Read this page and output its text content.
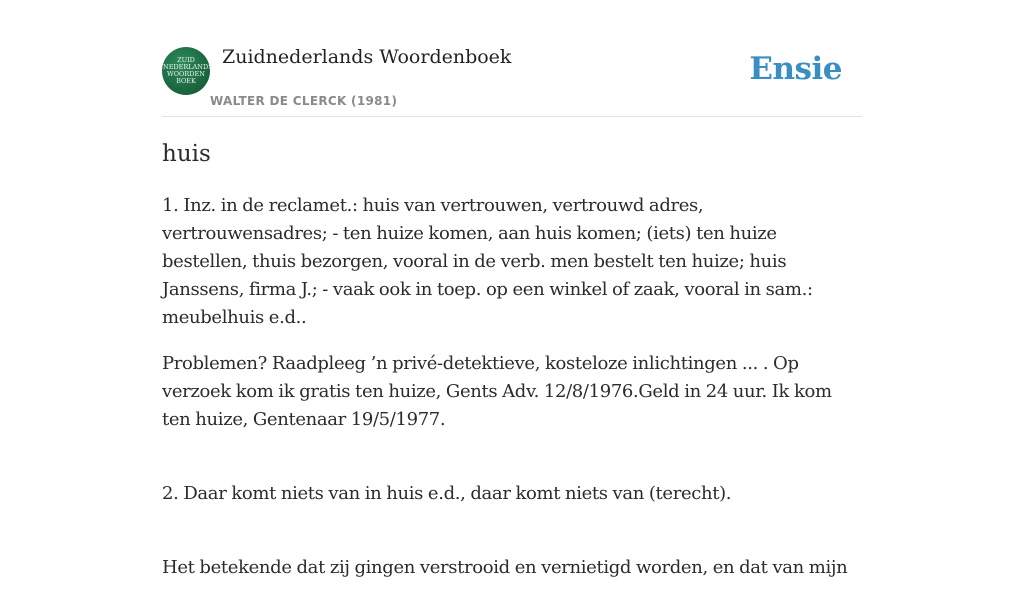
ZUID
NEDERLANDS
WOORDEN
BOEK
Zuidnederlands Woordenboek
WALTER DE CLERCK (1981)
Ensie
huis

1. Inz. in de reclamet.: huis van vertrouwen, vertrouwd adres, vertrouwensadres; - ten huize komen, aan huis komen; (iets) ten huize bestellen, thuis bezorgen, vooral in de verb. men bestelt ten huize; huis Janssens, firma J.; - vaak ook in toep. op een winkel of zaak, vooral in sam.: meubelhuis e.d..

Problemen? Raadpleeg ’n privé-detektieve, kosteloze inlichtingen ... . Op verzoek kom ik gratis ten huize, Gents Adv. 12/8/1976.Geld in 24 uur. Ik kom ten huize, Gentenaar 19/5/1977.

2. Daar komt niets van in huis e.d., daar komt niets van (terecht).

Het betekende dat zij gingen verstrooid en vernietigd worden, en dat van mijn
